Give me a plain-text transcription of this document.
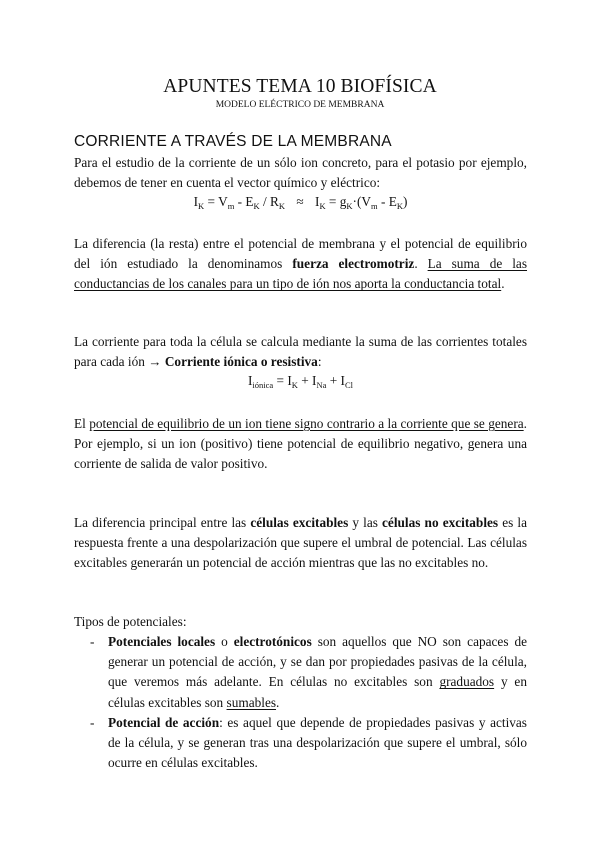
APUNTES TEMA 10 BIOFÍSICA
MODELO ELÉCTRICO DE MEMBRANA
CORRIENTE A TRAVÉS DE LA MEMBRANA
Para el estudio de la corriente de un sólo ion concreto, para el potasio por ejemplo, debemos de tener en cuenta el vector químico y eléctrico:
$I_K = V_m - E_K / R_K \approx I_K = g_K\cdot(V_m - E_K)$
La diferencia (la resta) entre el potencial de membrana y el potencial de equilibrio del ión estudiado la denominamos fuerza electromotriz. La suma de las conductancias de los canales para un tipo de ión nos aporta la conductancia total.
La corriente para toda la célula se calcula mediante la suma de las corrientes totales para cada ión → Corriente iónica o resistiva:
$I_{iónica} = I_K + I_{Na} + I_{Cl}$
El potencial de equilibrio de un ion tiene signo contrario a la corriente que se genera. Por ejemplo, si un ion (positivo) tiene potencial de equilibrio negativo, genera una corriente de salida de valor positivo.
La diferencia principal entre las células excitables y las células no excitables es la respuesta frente a una despolarización que supere el umbral de potencial. Las células excitables generarán un potencial de acción mientras que las no excitables no.
Tipos de potenciales:
- Potenciales locales o electrotónicos son aquellos que NO son capaces de generar un potencial de acción, y se dan por propiedades pasivas de la célula, que veremos más adelante. En células no excitables son graduados y en células excitables son sumables.
- Potencial de acción: es aquel que depende de propiedades pasivas y activas de la célula, y se generan tras una despolarización que supere el umbral, sólo ocurre en células excitables.
